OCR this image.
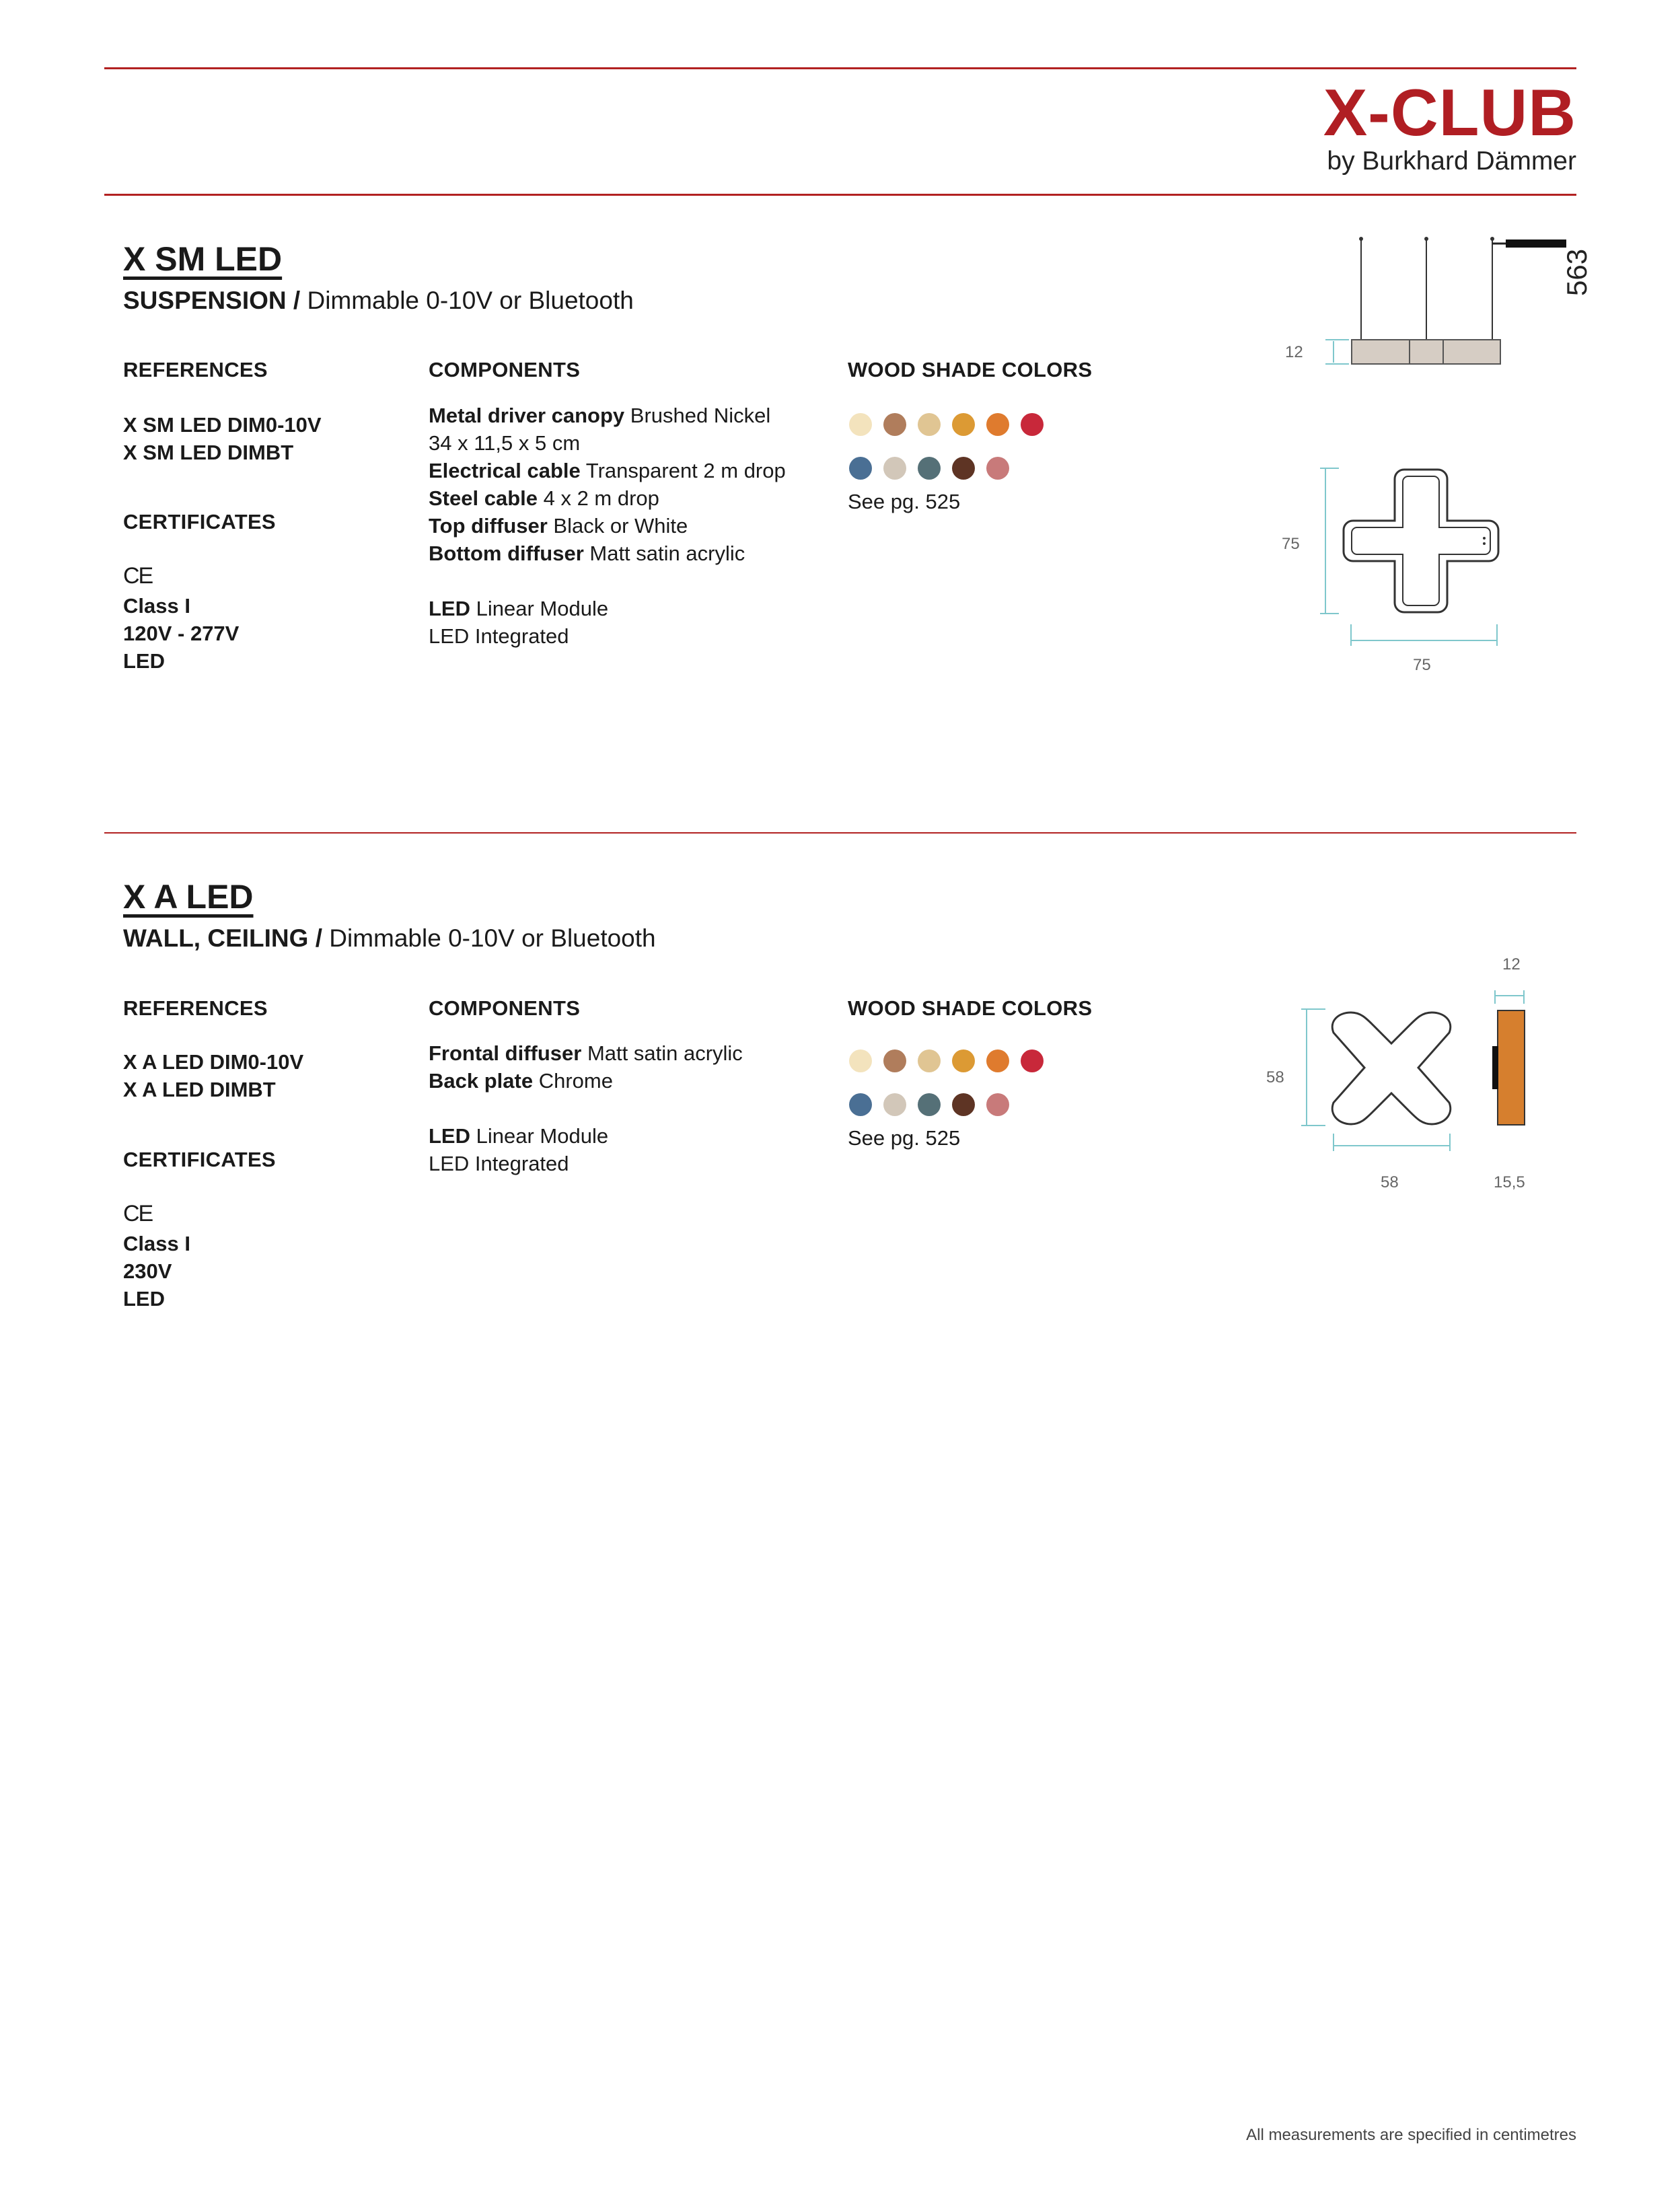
X-CLUB
by Burkhard Dämmer
563
X SM LED
SUSPENSION / Dimmable 0-10V or Bluetooth
REFERENCES
X SM LED DIM0-10V
X SM LED DIMBT
CERTIFICATES
CE
Class I
120V - 277V
LED
COMPONENTS
Metal driver canopy Brushed Nickel
34 x 11,5 x 5 cm
Electrical cable Transparent 2 m drop
Steel cable 4 x 2 m drop
Top diffuser Black or White
Bottom diffuser Matt satin acrylic
LED Linear Module
LED Integrated
WOOD SHADE COLORS
See pg. 525
12
75
75
X A LED
WALL, CEILING / Dimmable 0-10V or Bluetooth
REFERENCES
X A LED DIM0-10V
X A LED DIMBT
CERTIFICATES
CE
Class I
230V
LED
COMPONENTS
Frontal diffuser Matt satin acrylic
Back plate Chrome
LED Linear Module
LED Integrated
WOOD SHADE COLORS
See pg. 525
58
58
12
15,5
All measurements are specified in centimetres
